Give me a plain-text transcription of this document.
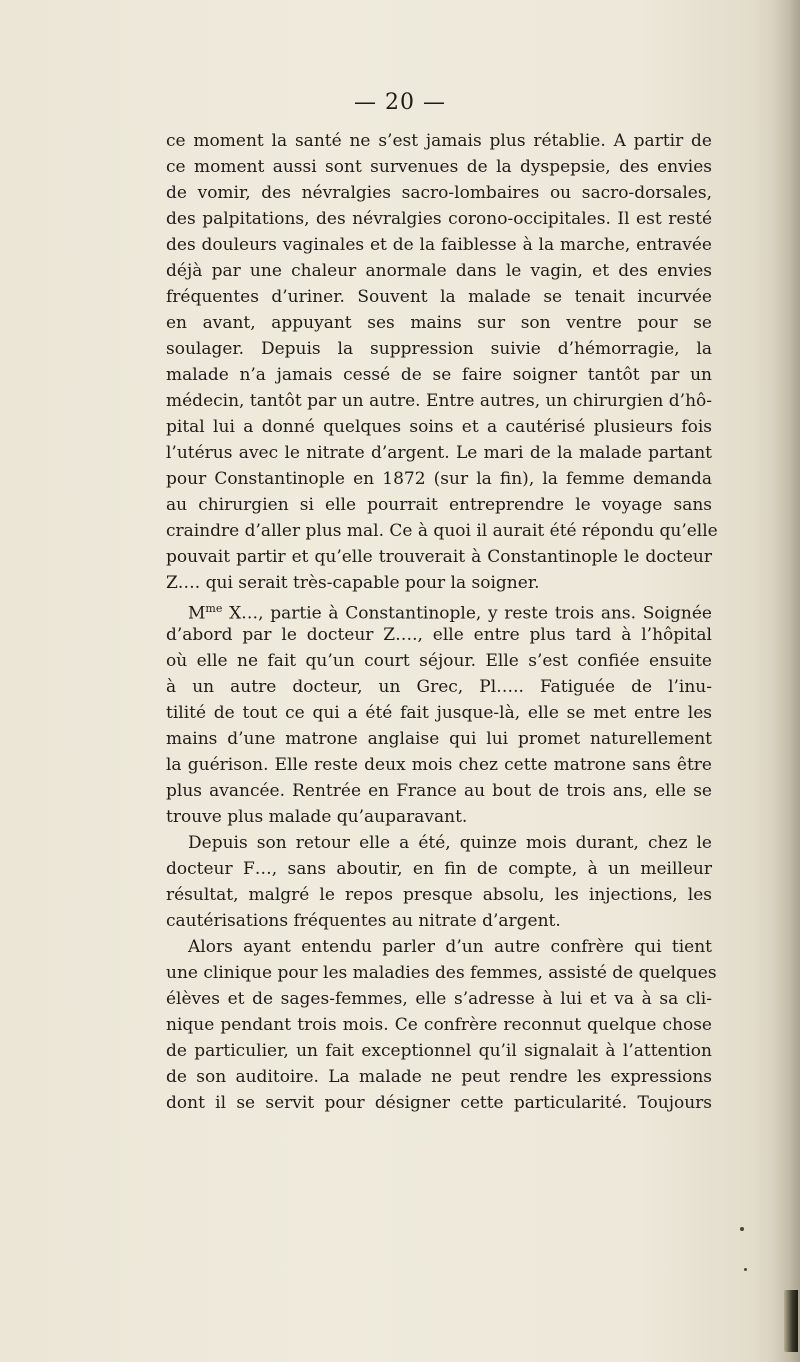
— 20 —
ce moment la santé ne s’est jamais plus rétablie. A partir de
ce moment aussi sont survenues de la dyspepsie, des envies
de vomir, des névralgies sacro-lombaires ou sacro-dorsales,
des palpitations, des névralgies corono-occipitales. Il est resté
des douleurs vaginales et de la faiblesse à la marche, entravée
déjà par une chaleur anormale dans le vagin, et des envies
fréquentes d’uriner. Souvent la malade se tenait incurvée
en avant, appuyant ses mains sur son ventre pour se
soulager. Depuis la suppression suivie d’hémorragie, la
malade n’a jamais cessé de se faire soigner tantôt par un
médecin, tantôt par un autre. Entre autres, un chirurgien d’hô-
pital lui a donné quelques soins et a cautérisé plusieurs fois
l’utérus avec le nitrate d’argent. Le mari de la malade partant
pour Constantinople en 1872 (sur la fin), la femme demanda
au chirurgien si elle pourrait entreprendre le voyage sans
craindre d’aller plus mal. Ce à quoi il aurait été répondu qu’elle
pouvait partir et qu’elle trouverait à Constantinople le docteur
Z…. qui serait très-capable pour la soigner.
$M^{me}$ X…, partie à Constantinople, y reste trois ans. Soignée
d’abord par le docteur Z…., elle entre plus tard à l’hôpital
où elle ne fait qu’un court séjour. Elle s’est confiée ensuite
à un autre docteur, un Grec, Pl….. Fatiguée de l’inu-
tilité de tout ce qui a été fait jusque-là, elle se met entre les
mains d’une matrone anglaise qui lui promet naturellement
la guérison. Elle reste deux mois chez cette matrone sans être
plus avancée. Rentrée en France au bout de trois ans, elle se
trouve plus malade qu’auparavant.
Depuis son retour elle a été, quinze mois durant, chez le
docteur F…, sans aboutir, en fin de compte, à un meilleur
résultat, malgré le repos presque absolu, les injections, les
cautérisations fréquentes au nitrate d’argent.
Alors ayant entendu parler d’un autre confrère qui tient
une clinique pour les maladies des femmes, assisté de quelques
élèves et de sages-femmes, elle s’adresse à lui et va à sa cli-
nique pendant trois mois. Ce confrère reconnut quelque chose
de particulier, un fait exceptionnel qu’il signalait à l’attention
de son auditoire. La malade ne peut rendre les expressions
dont il se servit pour désigner cette particularité. Toujours
